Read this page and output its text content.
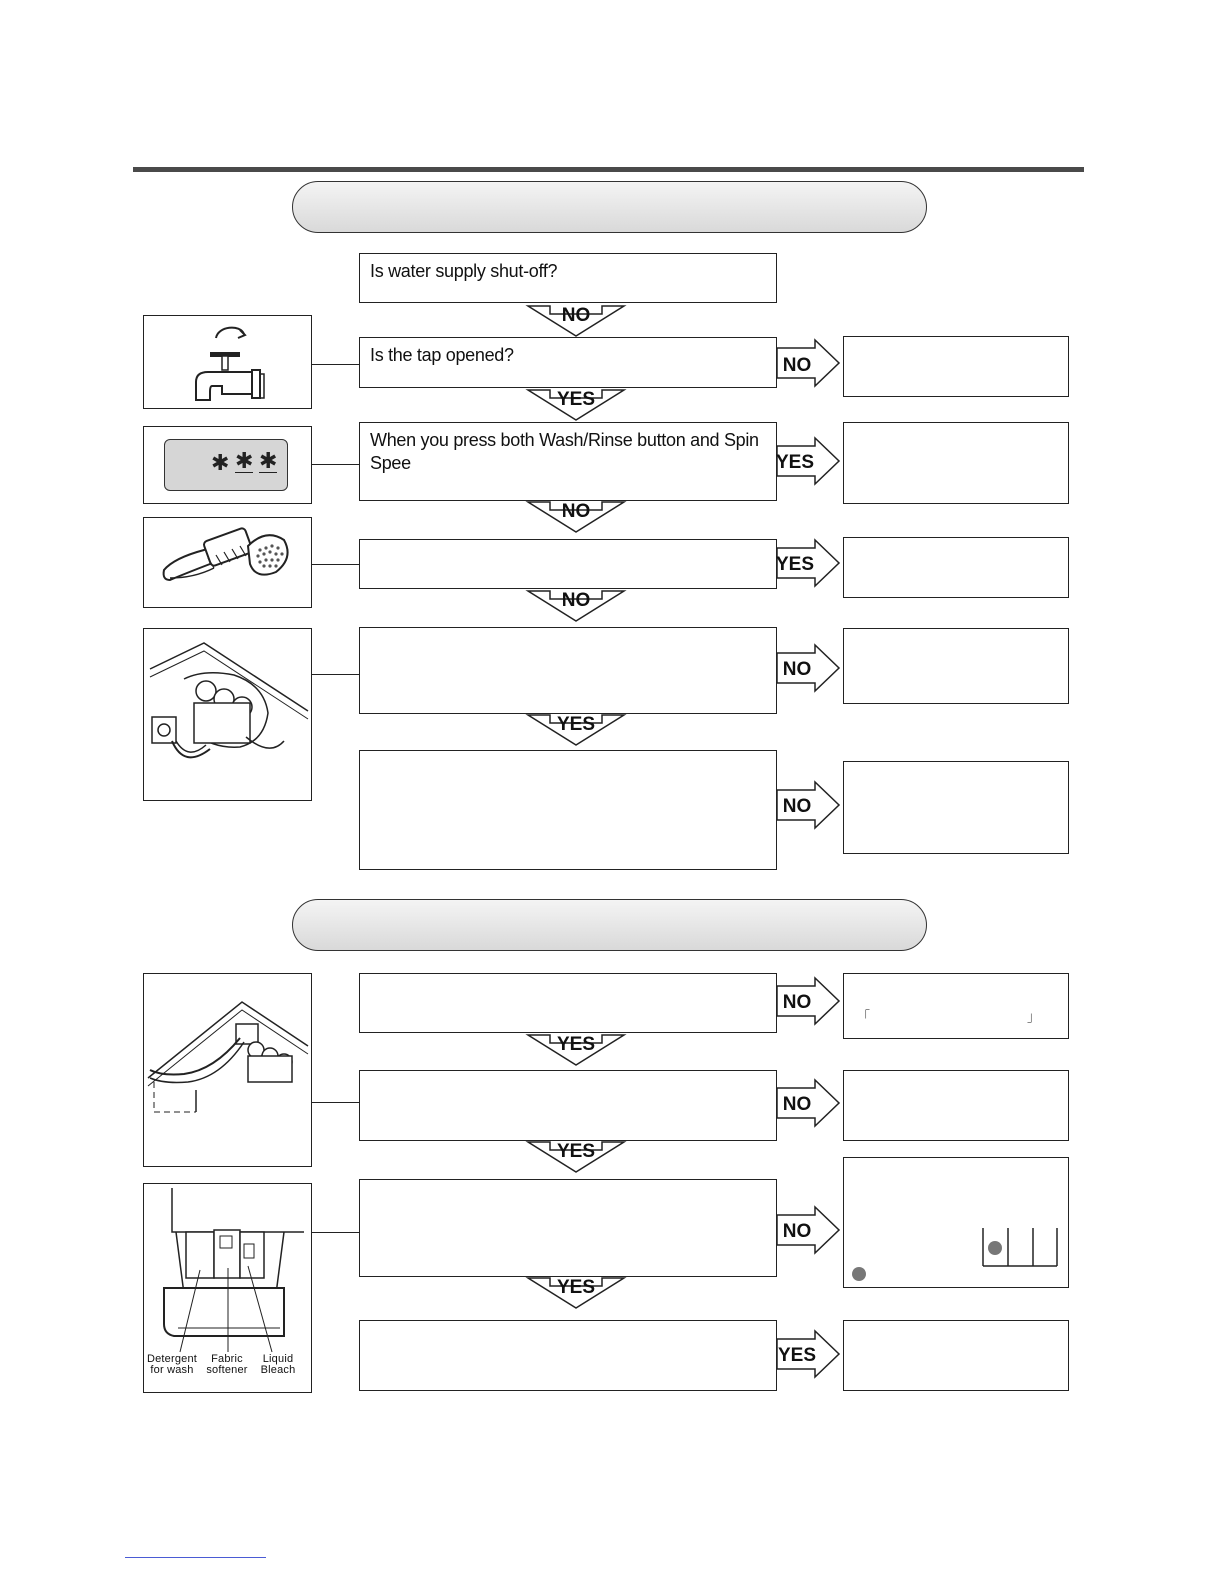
Is water supply shut-off?
Is the tap opened?
When you press both Wash/Rinse button and Spin Spee
「	」
✱ ✱ ✱
Detergent
for wash
Fabric
softener
Liquid
Bleach
NO
YES
NO
NO
YES
YES
YES
YES
NO
YES
YES
NO
NO
NO
NO
NO
YES
